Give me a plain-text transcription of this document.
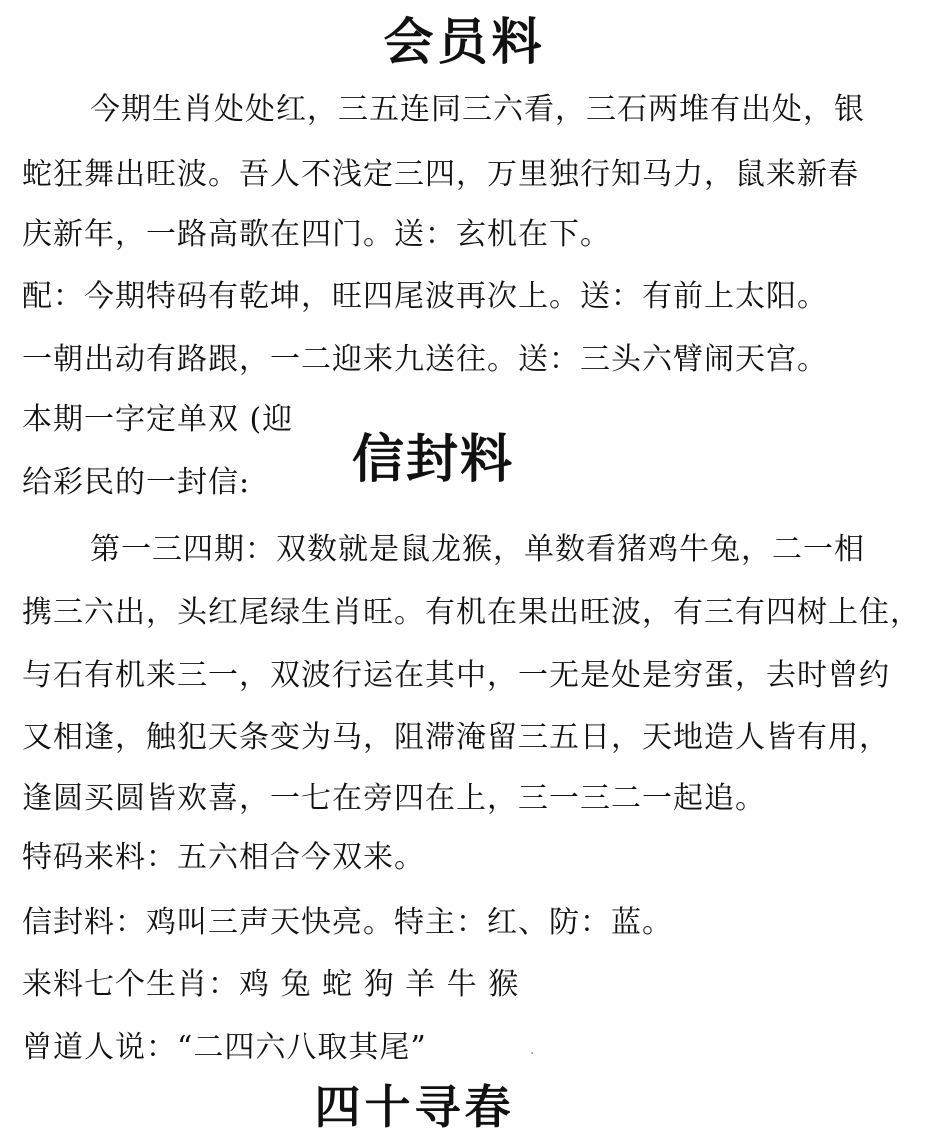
会员料
今期生肖处处红，三五连同三六看，三石两堆有出处，银
蛇狂舞出旺波。吾人不浅定三四，万里独行知马力，鼠来新春
庆新年，一路高歌在四门。送：玄机在下。
配：今期特码有乾坤，旺四尾波再次上。送：有前上太阳。
一朝出动有路跟，一二迎来九送往。送：三头六臂闹天宫。
本期一字定单双 (迎
给彩民的一封信: 信封料
第一三四期：双数就是鼠龙猴，单数看猪鸡牛兔，二一相
携三六出，头红尾绿生肖旺。有机在果出旺波，有三有四树上住，
与石有机来三一，双波行运在其中，一无是处是穷蛋，去时曾约
又相逢，触犯天条变为马，阻滞淹留三五日，天地造人皆有用，
逢圆买圆皆欢喜，一七在旁四在上，三一三二一起追。
特码来料：五六相合今双来。
信封料：鸡叫三声天快亮。特主：红、防：蓝。
来料七个生肖：鸡 兔 蛇 狗 羊 牛 猴
曾道人说：“二四六八取其尾”
四十寻春
·
